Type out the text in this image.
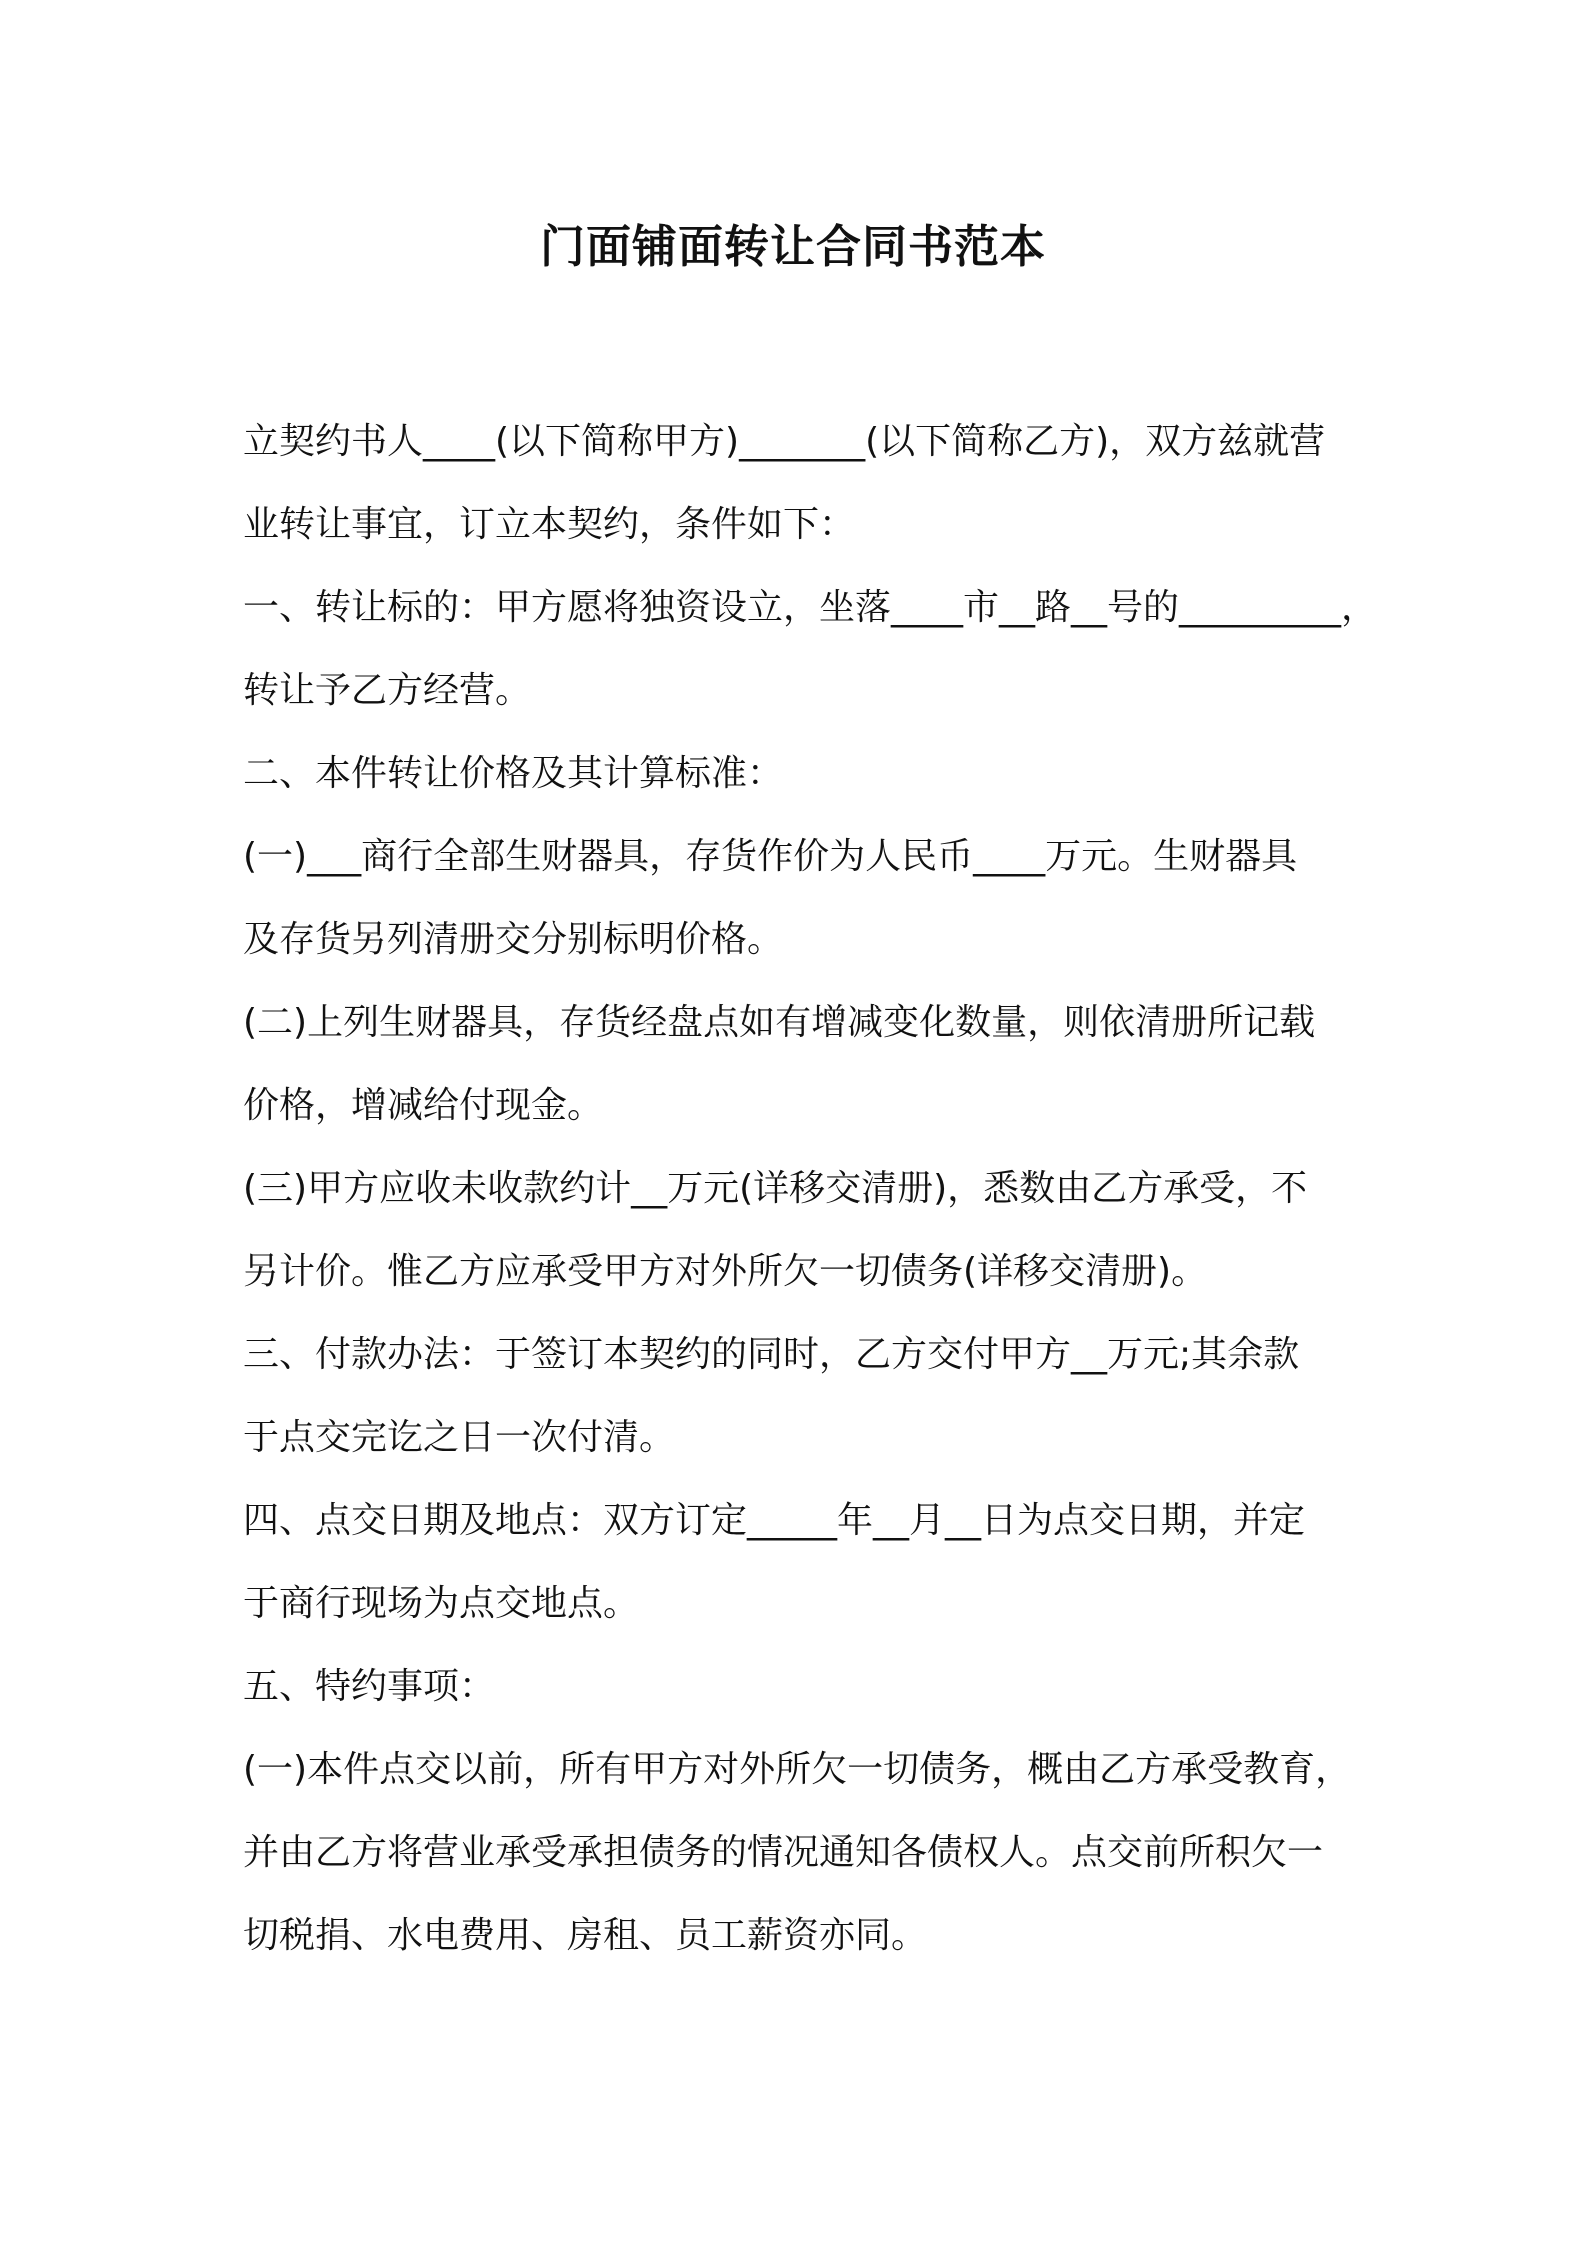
门面铺面转让合同书范本

立契约书人____(以下简称甲方)_______(以下简称乙方)，双方兹就营

业转让事宜，订立本契约，条件如下：

一、转让标的：甲方愿将独资设立，坐落____市__路__号的_________，

转让予乙方经营。

二、本件转让价格及其计算标准：

(一)___商行全部生财器具，存货作价为人民币____万元。生财器具

及存货另列清册交分别标明价格。

(二)上列生财器具，存货经盘点如有增减变化数量，则依清册所记载

价格，增减给付现金。

(三)甲方应收未收款约计__万元(详移交清册)，悉数由乙方承受，不

另计价。惟乙方应承受甲方对外所欠一切债务(详移交清册)。

三、付款办法：于签订本契约的同时，乙方交付甲方__万元;其余款

于点交完讫之日一次付清。

四、点交日期及地点：双方订定_____年__月__日为点交日期，并定

于商行现场为点交地点。

五、特约事项：

(一)本件点交以前，所有甲方对外所欠一切债务，概由乙方承受教育，

并由乙方将营业承受承担债务的情况通知各债权人。点交前所积欠一

切税捐、水电费用、房租、员工薪资亦同。
